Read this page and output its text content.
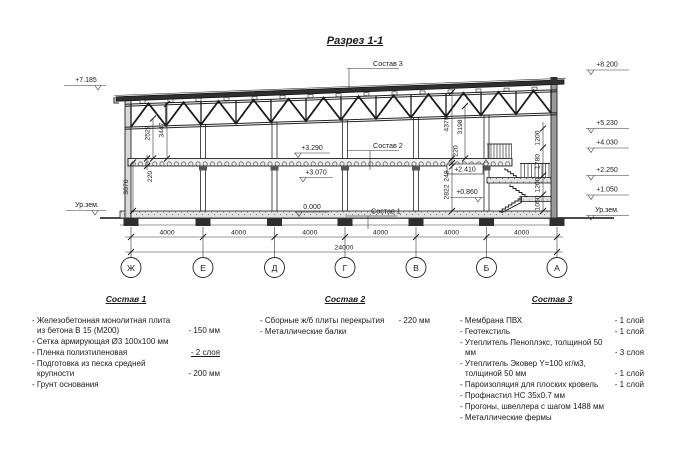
Разрез 1-1
Состав 3
Состав 2
Состав 1
+7.185
Ур.зем.
+8.200
+5.230
+4.030
+2.250
+1.050
Ур.зем.
+3.290
+3.070
0.000
+2.410
+0.860
2527 3447
220
3070
4379 3198
220
248
2822
1200
1780
1200
1050
4000	4000	4000	4000	4000	4000
24000
Ж	Е	Д	Г	В	Б	А
Состав 1
- Железобетонная монолитная плита из бетона В 15 (М200)	- 150 мм
- Сетка армирующая Ø3 100х100 мм
- Пленка полиэтиленовая	- 2 слоя
- Подготовка из песка средней крупности	- 200 мм
- Грунт основания
Состав 2
- Сборные ж/б плиты перекрытия	- 220 мм
- Металлические балки
Состав 3
- Мембрана ПВХ	- 1 слой
- Геотекстиль	- 1 слой
- Утеплитель Пеноплэкс, толщиной 50 мм	- 3 слоя
- Утеплитель Эковер Y=100 кг/м3, толщиной 50 мм	- 1 слой
- Пароизоляция для плоских кровель	- 1 слой
- Профнастил НС 35х0.7 мм
- Прогоны, швеллера с шагом 1488 мм
- Металлические фермы
